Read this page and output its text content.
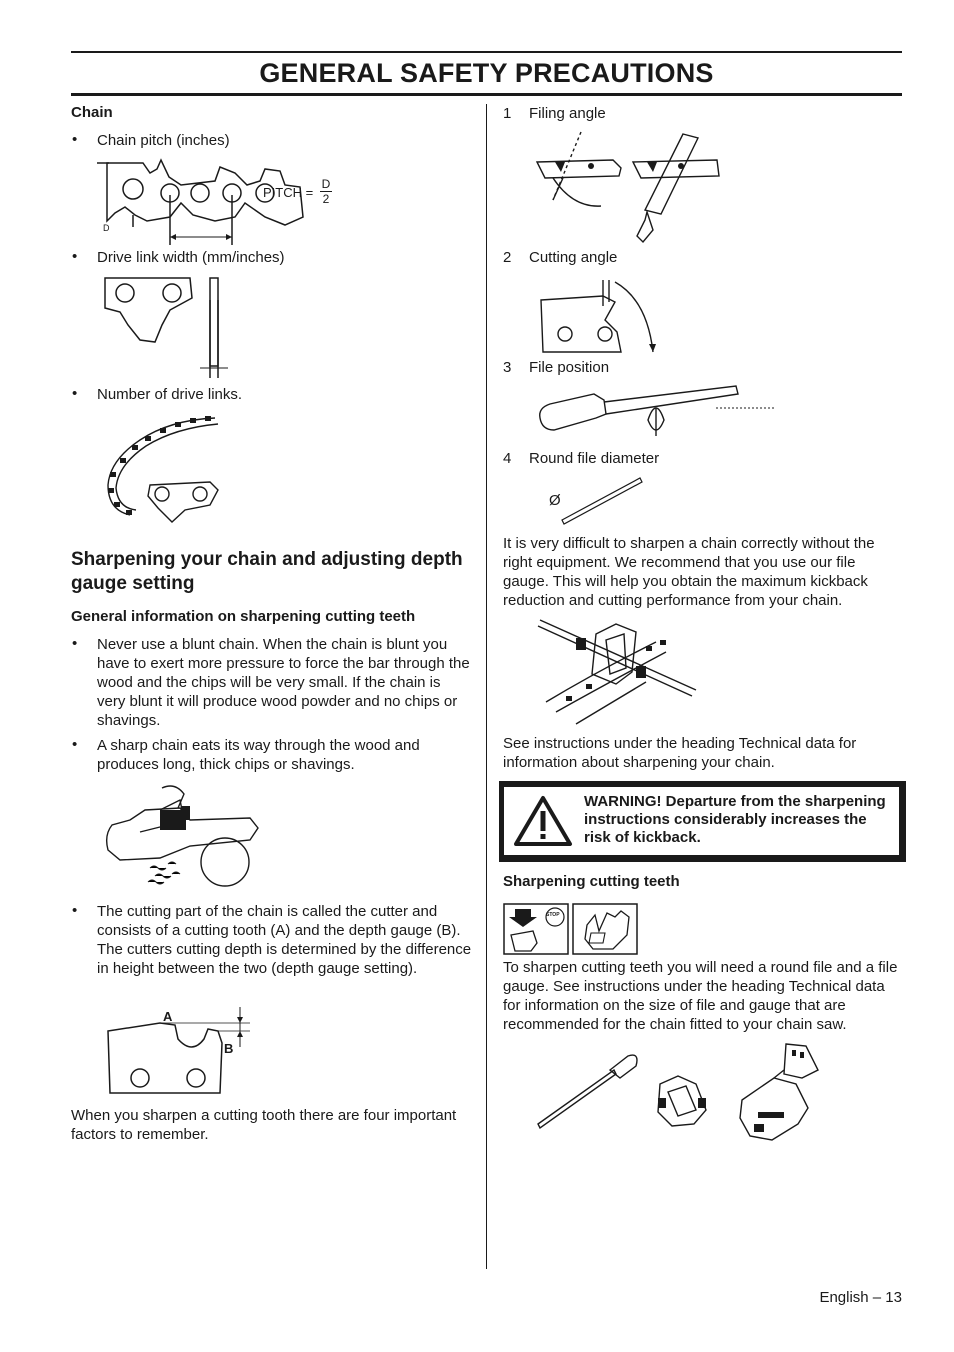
GENERAL SAFETY PRECAUTIONS
Chain
• Chain pitch (inches)
D
PITCH =
D
2
• Drive link width (mm/inches)
• Number of drive links.
Sharpening your chain and adjusting depth gauge setting
General information on sharpening cutting teeth
• Never use a blunt chain. When the chain is blunt you have to exert more pressure to force the bar through the wood and the chips will be very small. If the chain is very blunt it will produce wood powder and no chips or shavings.
• A sharp chain eats its way through the wood and produces long, thick chips or shavings.
• The cutting part of the chain is called the cutter and consists of a cutting tooth (A) and the depth gauge (B). The cutters cutting depth is determined by the difference in height between the two (depth gauge setting).
A
B
When you sharpen a cutting tooth there are four important factors to remember.
1 Filing angle
2 Cutting angle
3 File position
4 Round file diameter
Ø
It is very difficult to sharpen a chain correctly without the right equipment. We recommend that you use our file gauge. This will help you obtain the maximum kickback reduction and cutting performance from your chain.
See instructions under the heading Technical data for information about sharpening your chain.
WARNING! Departure from the sharpening instructions considerably increases the risk of kickback.
Sharpening cutting teeth
STOP
To sharpen cutting teeth you will need a round file and a file gauge. See instructions under the heading Technical data for information on the size of file and gauge that are recommended for the chain fitted to your chain saw.
English – 13
